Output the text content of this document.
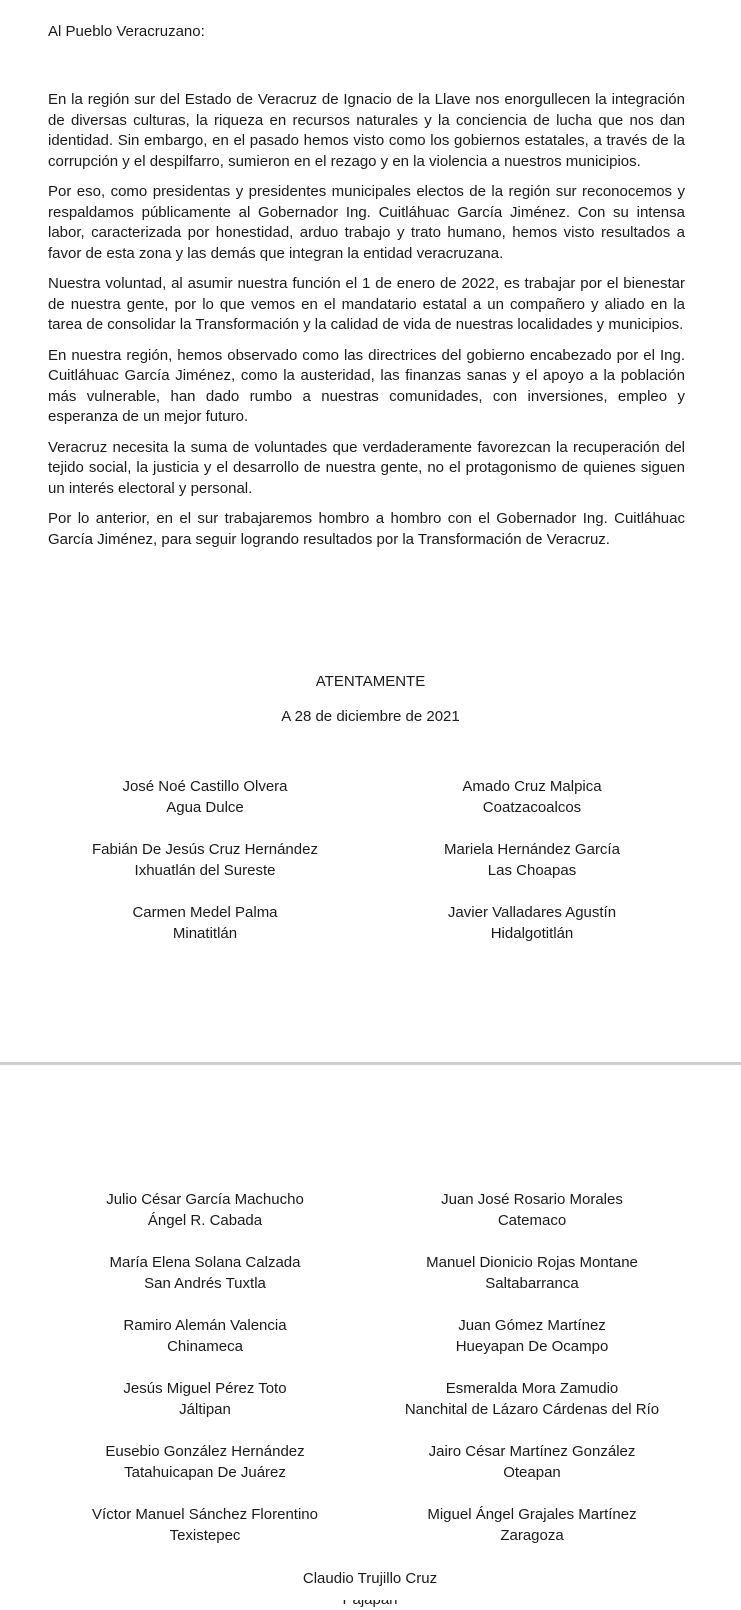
Al Pueblo Veracruzano:

En la región sur del Estado de Veracruz de Ignacio de la Llave nos enorgullecen la integración de diversas culturas, la riqueza en recursos naturales y la conciencia de lucha que nos dan identidad. Sin embargo, en el pasado hemos visto como los gobiernos estatales, a través de la corrupción y el despilfarro, sumieron en el rezago y en la violencia a nuestros municipios.

Por eso, como presidentas y presidentes municipales electos de la región sur reconocemos y respaldamos públicamente al Gobernador Ing. Cuitláhuac García Jiménez. Con su intensa labor, caracterizada por honestidad, arduo trabajo y trato humano, hemos visto resultados a favor de esta zona y las demás que integran la entidad veracruzana.

Nuestra voluntad, al asumir nuestra función el 1 de enero de 2022, es trabajar por el bienestar de nuestra gente, por lo que vemos en el mandatario estatal a un compañero y aliado en la tarea de consolidar la Transformación y la calidad de vida de nuestras localidades y municipios.

En nuestra región, hemos observado como las directrices del gobierno encabezado por el Ing. Cuitláhuac García Jiménez, como la austeridad, las finanzas sanas y el apoyo a la población más vulnerable, han dado rumbo a nuestras comunidades, con inversiones, empleo y esperanza de un mejor futuro.

Veracruz necesita la suma de voluntades que verdaderamente favorezcan la recuperación del tejido social, la justicia y el desarrollo de nuestra gente, no el protagonismo de quienes siguen un interés electoral y personal.

Por lo anterior, en el sur trabajaremos hombro a hombro con el Gobernador Ing. Cuitláhuac García Jiménez, para seguir logrando resultados por la Transformación de Veracruz.

ATENTAMENTE
A 28 de diciembre de 2021
José Noé Castillo Olvera
Agua Dulce
Amado Cruz Malpica
Coatzacoalcos
Fabián De Jesús Cruz Hernández
Ixhuatlán del Sureste
Mariela Hernández García
Las Choapas
Carmen Medel Palma
Minatitlán
Javier Valladares Agustín
Hidalgotitlán
Julio César García Machucho
Ángel R. Cabada
Juan José Rosario Morales
Catemaco
María Elena Solana Calzada
San Andrés Tuxtla
Manuel Dionicio Rojas Montane
Saltabarranca
Ramiro Alemán Valencia
Chinameca
Juan Gómez Martínez
Hueyapan De Ocampo
Jesús Miguel Pérez Toto
Jáltipan
Esmeralda Mora Zamudio
Nanchital de Lázaro Cárdenas del Río
Eusebio González Hernández
Tatahuicapan De Juárez
Jairo César Martínez González
Oteapan
Víctor Manuel Sánchez Florentino
Texistepec
Miguel Ángel Grajales Martínez
Zaragoza
Claudio Trujillo Cruz
